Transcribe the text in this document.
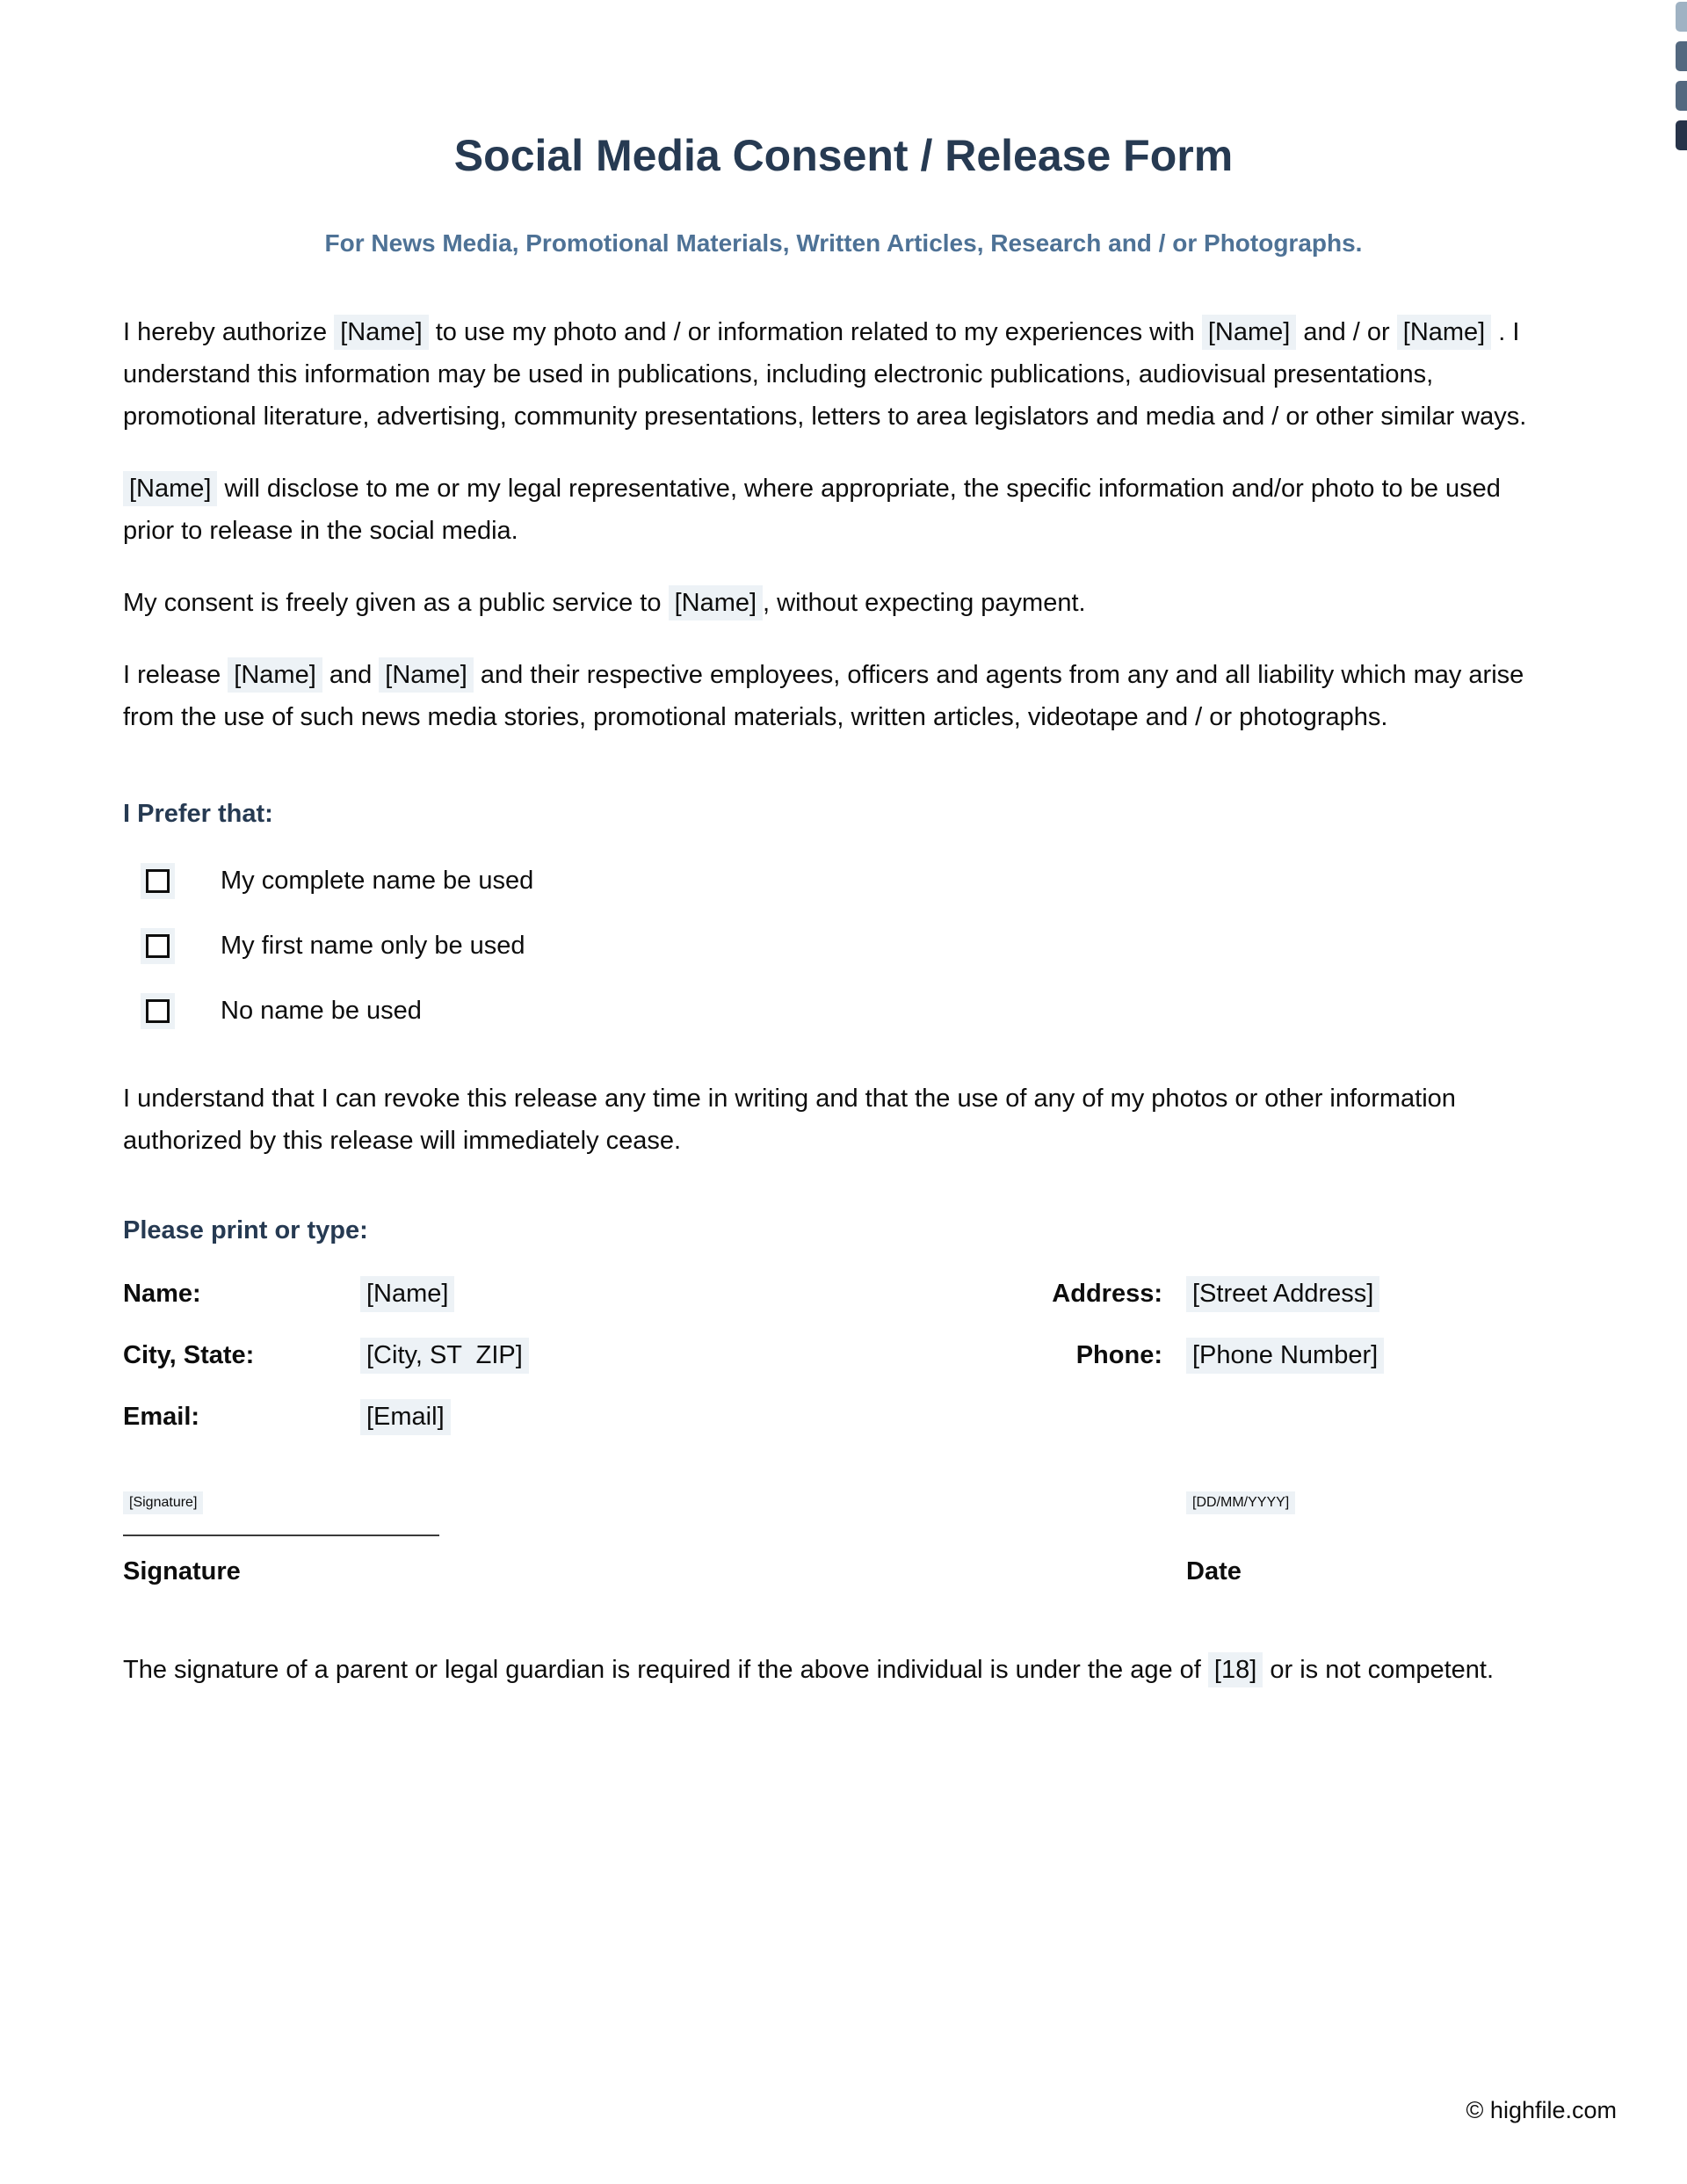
Social Media Consent / Release Form
For News Media, Promotional Materials, Written Articles, Research and / or Photographs.

I hereby authorize [Name] to use my photo and / or information related to my experiences with [Name] and / or [Name] . I understand this information may be used in publications, including electronic publications, audiovisual presentations, promotional literature, advertising, community presentations, letters to area legislators and media and / or other similar ways.

[Name] will disclose to me or my legal representative, where appropriate, the specific information and/or photo to be used prior to release in the social media.

My consent is freely given as a public service to [Name] , without expecting payment.

I release [Name] and [Name] and their respective employees, officers and agents from any and all liability which may arise from the use of such news media stories, promotional materials, written articles, videotape and / or photographs.

I Prefer that:
My complete name be used
My first name only be used
No name be used

I understand that I can revoke this release any time in writing and that the use of any of my photos or other information authorized by this release will immediately cease.

Please print or type:
Name:	[Name]	Address: [Street Address]
City, State:	[City, ST  ZIP]	Phone: [Phone Number]
Email:	[Email]
[Signature]	[DD/MM/YYYY]
Signature	Date

The signature of a parent or legal guardian is required if the above individual is under the age of [18] or is not competent.

© highfile.com
